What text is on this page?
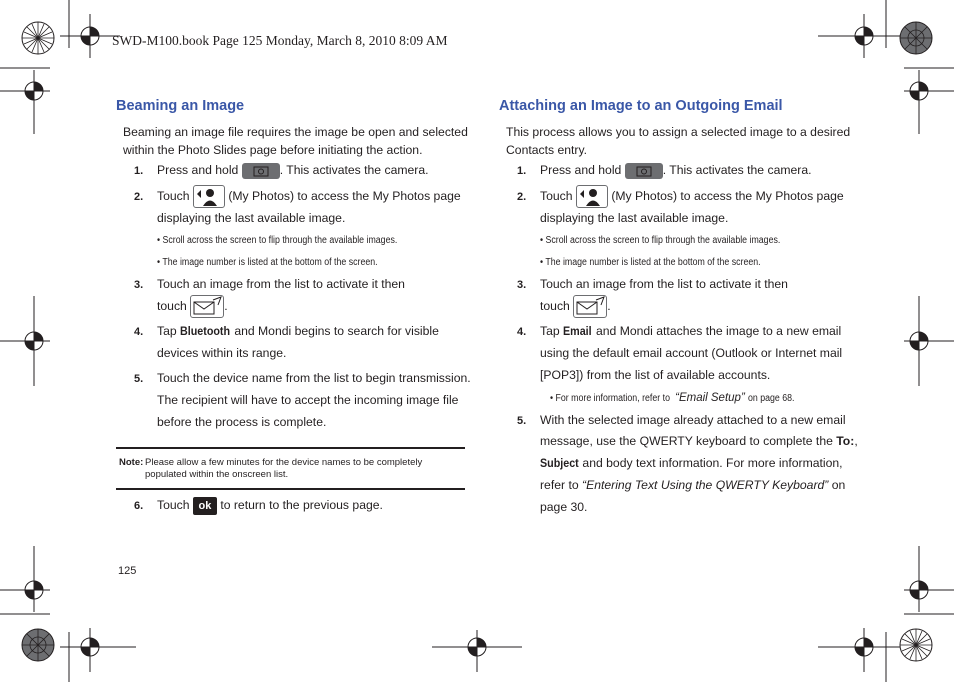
SWD-M100.book Page 125 Monday, March 8, 2010 8:09 AM
Beaming an Image
Beaming an image file requires the image be open and selected
within the Photo Slides page before initiating the action.
1. Press and hold	. This activates the camera.
2. Touch	(My Photos) to access the My Photos page
displaying the last available image.
• Scroll across the screen to flip through the available images.
• The image number is listed at the bottom of the screen.
3. Touch an image from the list to activate it then
touch	.
4. Tap Bluetooth and Mondi begins to search for visible
devices within its range.
5. Touch the device name from the list to begin transmission.
The recipient will have to accept the incoming image file
before the process is complete.
Note: Please allow a few minutes for the device names to be completely populated within the onscreen list.
6. Touch ok to return to the previous page.
Attaching an Image to an Outgoing Email
This process allows you to assign a selected image to a desired
Contacts entry.
1. Press and hold	. This activates the camera.
2. Touch	(My Photos) to access the My Photos page
displaying the last available image.
• Scroll across the screen to flip through the available images.
• The image number is listed at the bottom of the screen.
3. Touch an image from the list to activate it then
touch	.
4. Tap Email and Mondi attaches the image to a new email
using the default email account (Outlook or Internet mail
[POP3]) from the list of available accounts.
• For more information, refer to “Email Setup” on page 68.
5. With the selected image already attached to a new email
message, use the QWERTY keyboard to complete the To:,
Subject and body text information. For more information,
refer to “Entering Text Using the QWERTY Keyboard” on
page 30.
125
